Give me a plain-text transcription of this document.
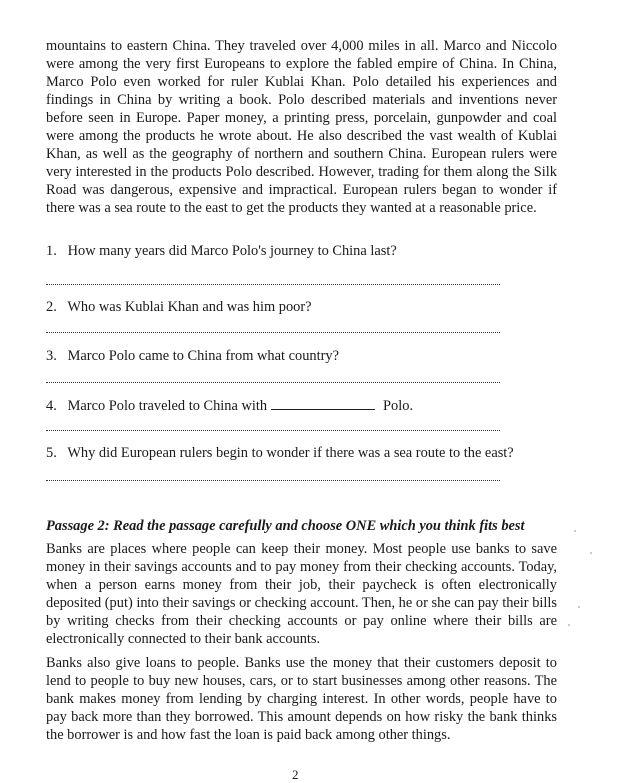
mountains to eastern China. They traveled over 4,000 miles in all. Marco and Niccolo were among the very first Europeans to explore the fabled empire of China. In China, Marco Polo even worked for ruler Kublai Khan. Polo detailed his experiences and findings in China by writing a book. Polo described materials and inventions never before seen in Europe. Paper money, a printing press, porcelain, gunpowder and coal were among the products he wrote about. He also described the vast wealth of Kublai Khan, as well as the geography of northern and southern China. European rulers were very interested in the products Polo described. However, trading for them along the Silk Road was dangerous, expensive and impractical. European rulers began to wonder if there was a sea route to the east to get the products they wanted at a reasonable price.

1. How many years did Marco Polo's journey to China last?

2. Who was Kublai Khan and was him poor?

3. Marco Polo came to China from what country?

4. Marco Polo traveled to China with	Polo.

5. Why did European rulers begin to wonder if there was a sea route to the east?

Passage 2: Read the passage carefully and choose ONE which you think fits best

Banks are places where people can keep their money. Most people use banks to save money in their savings accounts and to pay money from their checking accounts. Today, when a person earns money from their job, their paycheck is often electronically deposited (put) into their savings or checking account. Then, he or she can pay their bills by writing checks from their checking accounts or pay online where their bills are electronically connected to their bank accounts.

Banks also give loans to people. Banks use the money that their customers deposit to lend to people to buy new houses, cars, or to start businesses among other reasons. The bank makes money from lending by charging interest. In other words, people have to pay back more than they borrowed. This amount depends on how risky the bank thinks the borrower is and how fast the loan is paid back among other things.

2
